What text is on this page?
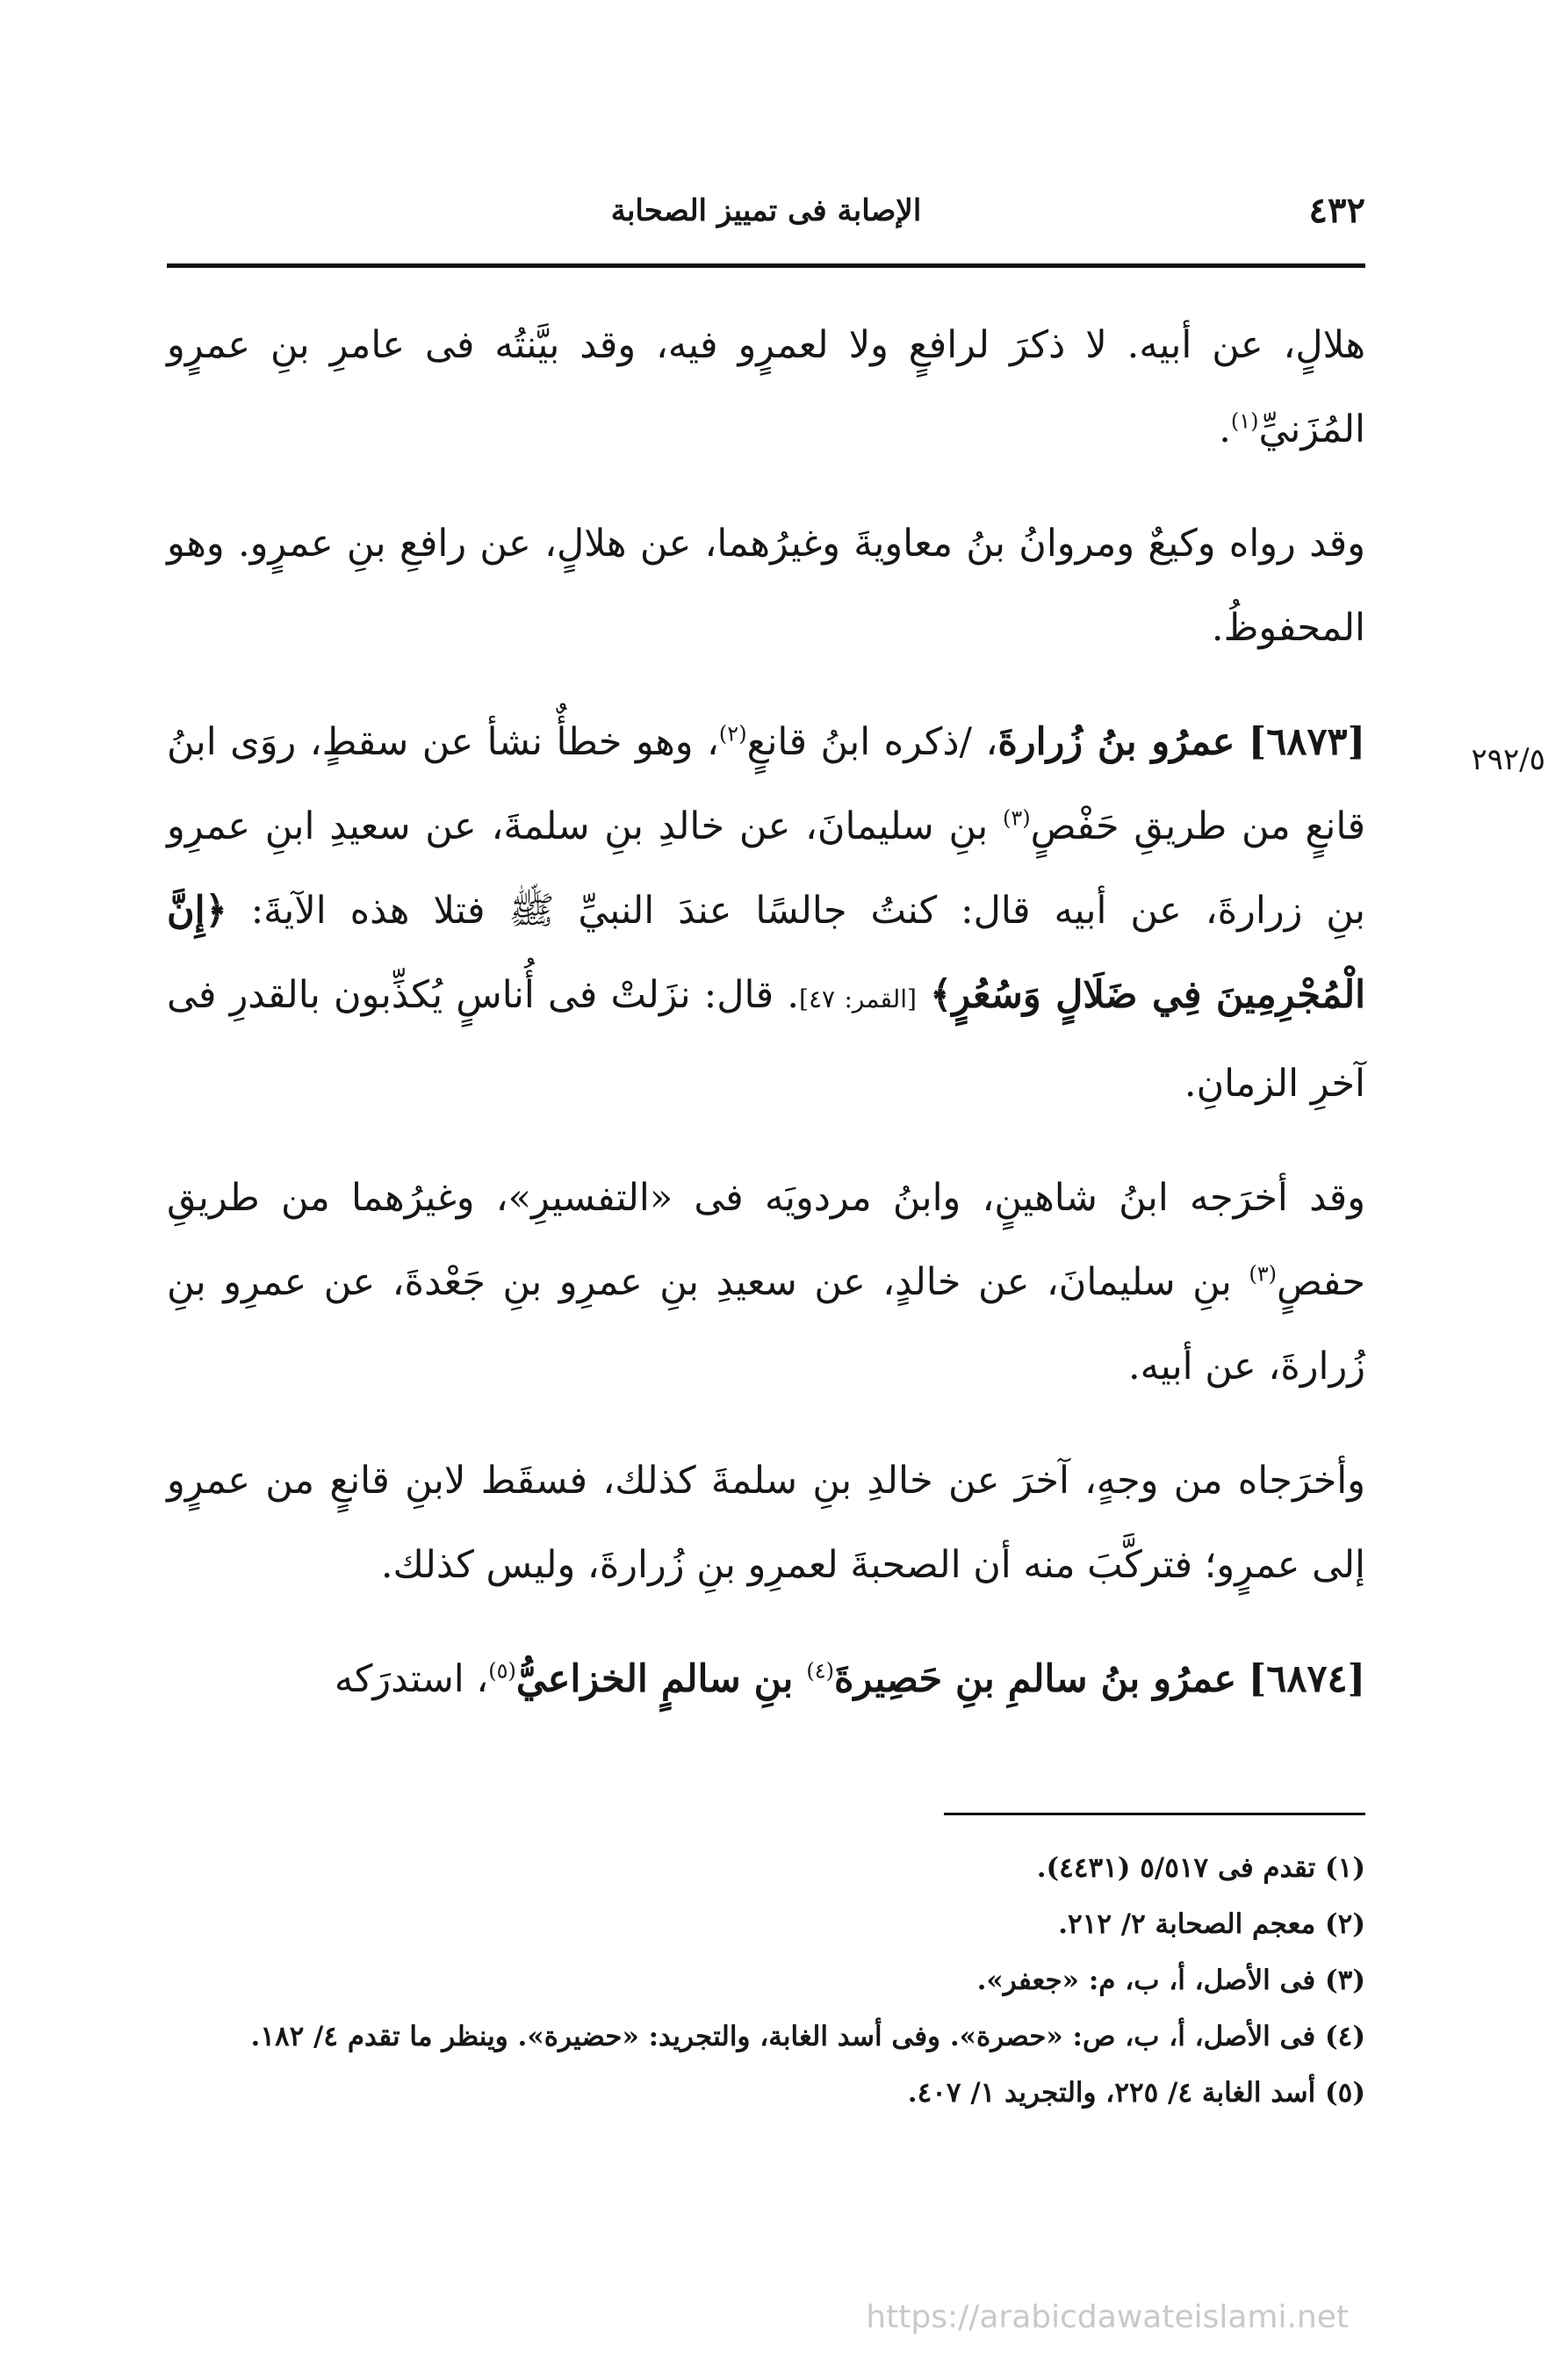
٤٣٢
الإصابة فى تمييز الصحابة
٢٩٢/٥

هلالٍ، عن أبيه. لا ذكرَ لرافعٍ ولا لعمرٍو فيه، وقد بيَّنتُه فى عامرِ بنِ عمرٍو المُزَنيِّ$^{(١)}$.

وقد رواه وكيعٌ ومروانُ بنُ معاويةَ وغيرُهما، عن هلالٍ، عن رافعِ بنِ عمرٍو. وهو المحفوظُ.

[٦٨٧٣] عمرُو بنُ زُرارةَ، /ذكره ابنُ قانعٍ$^{(٢)}$، وهو خطأٌ نشأ عن سقطٍ، روَى ابنُ قانعٍ من طريقِ حَفْصٍ$^{(٣)}$ بنِ سليمانَ، عن خالدِ بنِ سلمةَ، عن سعيدِ ابنِ عمرِو بنِ زرارةَ، عن أبيه قال: كنتُ جالسًا عندَ النبيِّ ﷺ فتلا هذه الآيةَ: ﴿إِنَّ الْمُجْرِمِينَ فِي ضَلَالٍ وَسُعُرٍ﴾ [القمر: ٤٧]. قال: نزَلتْ فى أُناسٍ يُكذِّبون بالقدرِ فى آخرِ الزمانِ.

وقد أخرَجه ابنُ شاهينٍ، وابنُ مردويَه فى «التفسيرِ»، وغيرُهما من طريقِ حفصٍ$^{(٣)}$ بنِ سليمانَ، عن خالدٍ، عن سعيدِ بنِ عمرِو بنِ جَعْدةَ، عن عمرِو بنِ زُرارةَ، عن أبيه.

وأخرَجاه من وجهٍ، آخرَ عن خالدِ بنِ سلمةَ كذلك، فسقَط لابنِ قانعٍ من عمرٍو إلى عمرٍو؛ فتركَّبَ منه أن الصحبةَ لعمرِو بنِ زُرارةَ، وليس كذلك.

[٦٨٧٤] عمرُو بنُ سالمِ بنِ حَصِيرةَ$^{(٤)}$ بنِ سالمٍ الخزاعيُّ$^{(٥)}$، استدرَكه

(١) تقدم فى ٥/٥١٧ (٤٤٣١).

(٢) معجم الصحابة ٢/ ٢١٢.

(٣) فى الأصل، أ، ب، م: «جعفر».

(٤) فى الأصل، أ، ب، ص: «حصرة». وفى أسد الغابة، والتجريد: «حضيرة». وينظر ما تقدم ٤/ ١٨٢.

(٥) أسد الغابة ٤/ ٢٢٥، والتجريد ١/ ٤٠٧.

https://arabicdawateislami.net
